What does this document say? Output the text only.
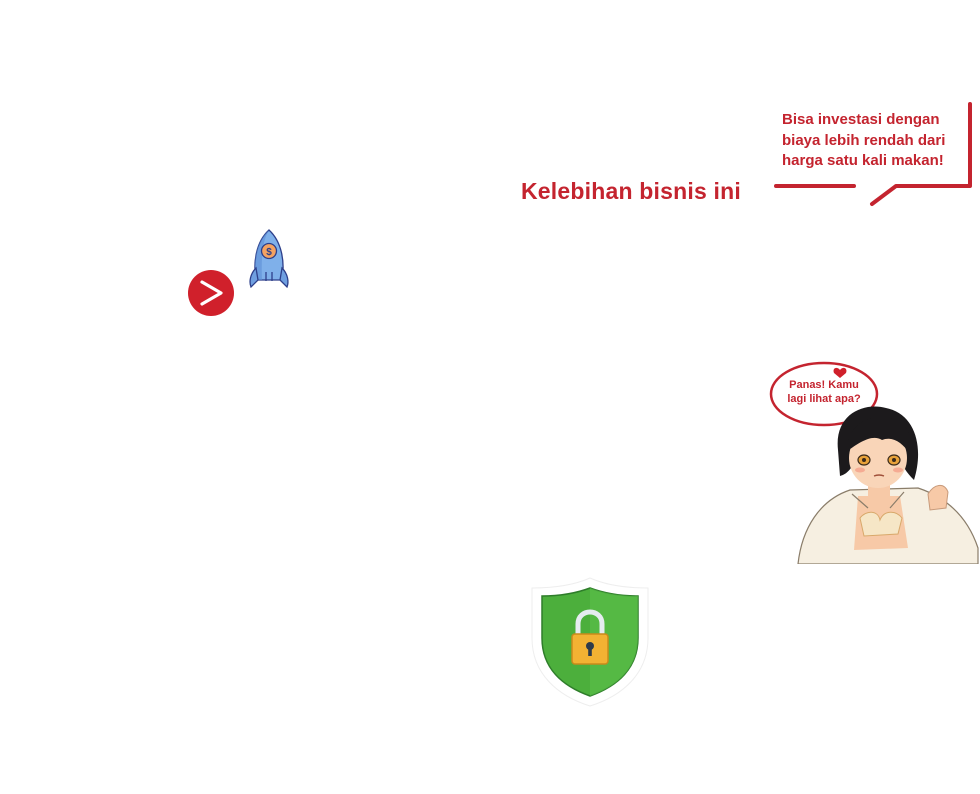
Kelebihan bisnis ini
Bisa investasi dengan
biaya lebih rendah dari
harga satu kali makan!
$
Panas! Kamu
lagi lihat apa?
